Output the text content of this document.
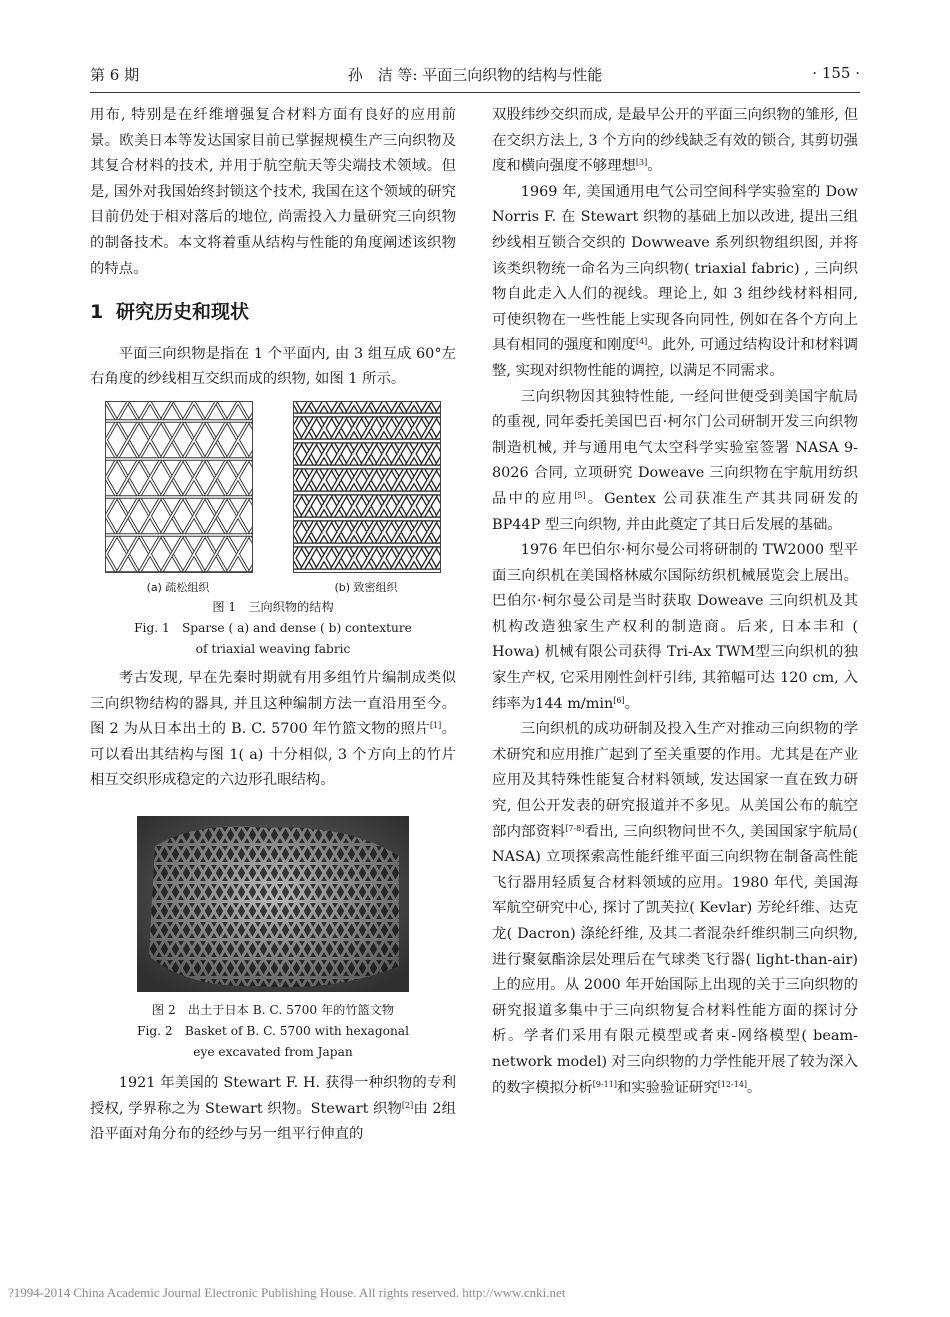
第 6 期	孙　洁 等: 平面三向织物的结构与性能	· 155 ·

用布, 特别是在纤维增强复合材料方面有良好的应用前景。欧美日本等发达国家目前已掌握规模生产三向织物及其复合材料的技术, 并用于航空航天等尖端技术领域。但是, 国外对我国始终封锁这个技术, 我国在这个领域的研究目前仍处于相对落后的地位, 尚需投入力量研究三向织物的制备技术。本文将着重从结构与性能的角度阐述该织物的特点。

1 研究历史和现状

平面三向织物是指在 1 个平面内, 由 3 组互成 60°左右角度的纱线相互交织而成的织物, 如图 1 所示。

(a) 疏松组织	(b) 致密组织
图 1　三向织物的结构
Fig. 1　Sparse ( a) and dense ( b) contexture
of triaxial weaving fabric

考古发现, 早在先秦时期就有用多组竹片编制成类似三向织物结构的器具, 并且这种编制方法一直沿用至今。图 2 为从日本出土的 B. C. 5700 年竹篮文物的照片[1]。可以看出其结构与图 1( a) 十分相似, 3 个方向上的竹片相互交织形成稳定的六边形孔眼结构。

图 2　出土于日本 B. C. 5700 年的竹篮文物
Fig. 2　Basket of B. C. 5700 with hexagonal
eye excavated from Japan

1921 年美国的 Stewart F. H. 获得一种织物的专利授权, 学界称之为 Stewart 织物。Stewart 织物[2]由 2组沿平面对角分布的经纱与另一组平行伸直的

双股纬纱交织而成, 是最早公开的平面三向织物的雏形, 但在交织方法上, 3 个方向的纱线缺乏有效的锁合, 其剪切强度和横向强度不够理想[3]。

1969 年, 美国通用电气公司空间科学实验室的 Dow Norris F. 在 Stewart 织物的基础上加以改进, 提出三组纱线相互锁合交织的 Dowweave 系列织物组织图, 并将该类织物统一命名为三向织物( triaxial fabric) , 三向织物自此走入人们的视线。理论上, 如 3 组纱线材料相同, 可使织物在一些性能上实现各向同性, 例如在各个方向上具有相同的强度和刚度[4]。此外, 可通过结构设计和材料调整, 实现对织物性能的调控, 以满足不同需求。

三向织物因其独特性能, 一经问世便受到美国宇航局的重视, 同年委托美国巴百·柯尔门公司研制开发三向织物制造机械, 并与通用电气太空科学实验室签署 NASA 9-8026 合同, 立项研究 Doweave 三向织物在宇航用纺织品中的应用[5]。Gentex 公司获准生产其共同研发的 BP44P 型三向织物, 并由此奠定了其日后发展的基础。

1976 年巴伯尔·柯尔曼公司将研制的 TW2000 型平面三向织机在美国格林威尔国际纺织机械展览会上展出。巴伯尔·柯尔曼公司是当时获取 Doweave 三向织机及其机构改造独家生产权利的制造商。后来, 日本丰和 ( Howa) 机械有限公司获得 Tri-Ax TWM型三向织机的独家生产权, 它采用刚性剑杆引纬, 其筘幅可达 120 cm, 入纬率为144 m/min[6]。

三向织机的成功研制及投入生产对推动三向织物的学术研究和应用推广起到了至关重要的作用。尤其是在产业应用及其特殊性能复合材料领域, 发达国家一直在致力研究, 但公开发表的研究报道并不多见。从美国公布的航空部内部资料[7-8]看出, 三向织物问世不久, 美国国家宇航局( NASA) 立项探索高性能纤维平面三向织物在制备高性能飞行器用轻质复合材料领域的应用。1980 年代, 美国海军航空研究中心, 探讨了凯芙拉( Kevlar) 芳纶纤维、达克龙( Dacron) 涤纶纤维, 及其二者混杂纤维织制三向织物, 进行聚氨酯涂层处理后在气球类飞行器( light-than-air) 上的应用。从 2000 年开始国际上出现的关于三向织物的研究报道多集中于三向织物复合材料性能方面的探讨分析。学者们采用有限元模型或者束-网络模型( beam-network model) 对三向织物的力学性能开展了较为深入的数字模拟分析[9-11]和实验验证研究[12-14]。

?1994-2014 China Academic Journal Electronic Publishing House. All rights reserved. http://www.cnki.net
